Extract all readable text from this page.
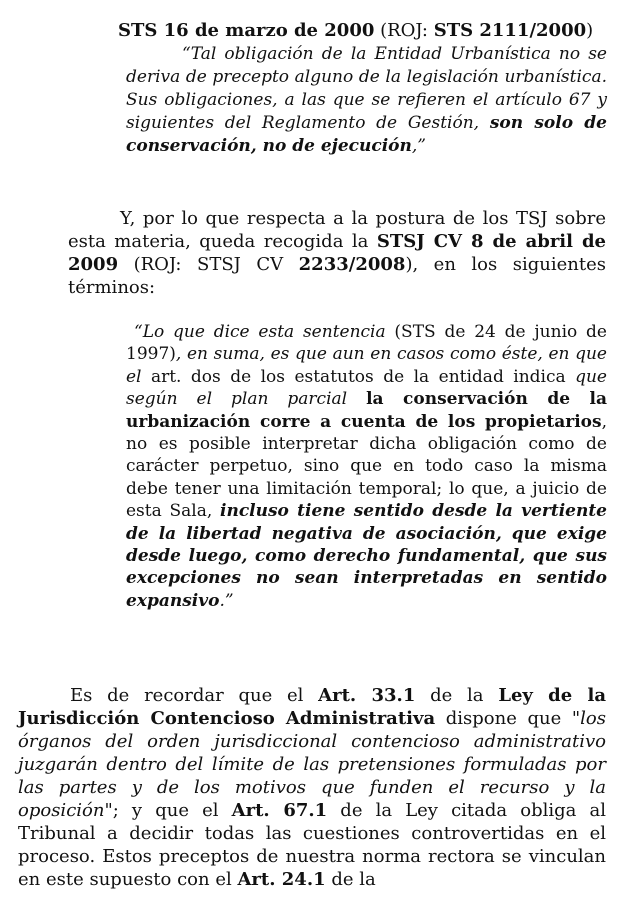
STS 16 de marzo de 2000 (ROJ: STS 2111/2000)

“Tal obligación de la Entidad Urbanística no se deriva de precepto alguno de la legislación urbanística. Sus obligaciones, a las que se refieren el artículo 67 y siguientes del Reglamento de Gestión, son solo de conservación, no de ejecución,”

Y, por lo que respecta a la postura de los TSJ sobre esta materia, queda recogida la STSJ CV 8 de abril de 2009 (ROJ: STSJ CV 2233/2008), en los siguientes términos:

“Lo que dice esta sentencia (STS de 24 de junio de 1997), en suma, es que aun en casos como éste, en que el art. dos de los estatutos de la entidad indica que según el plan parcial la conservación de la urbanización corre a cuenta de los propietarios, no es posible interpretar dicha obligación como de carácter perpetuo, sino que en todo caso la misma debe tener una limitación temporal; lo que, a juicio de esta Sala, incluso tiene sentido desde la vertiente de la libertad negativa de asociación, que exige desde luego, como derecho fundamental, que sus excepciones no sean interpretadas en sentido expansivo.”

Es de recordar que el Art. 33.1 de la Ley de la Jurisdicción Contencioso Administrativa dispone que "los órganos del orden jurisdiccional contencioso administrativo juzgarán dentro del límite de las pretensiones formuladas por las partes y de los motivos que funden el recurso y la oposición"; y que el Art. 67.1 de la Ley citada obliga al Tribunal a decidir todas las cuestiones controvertidas en el proceso. Estos preceptos de nuestra norma rectora se vinculan en este supuesto con el Art. 24.1 de la
